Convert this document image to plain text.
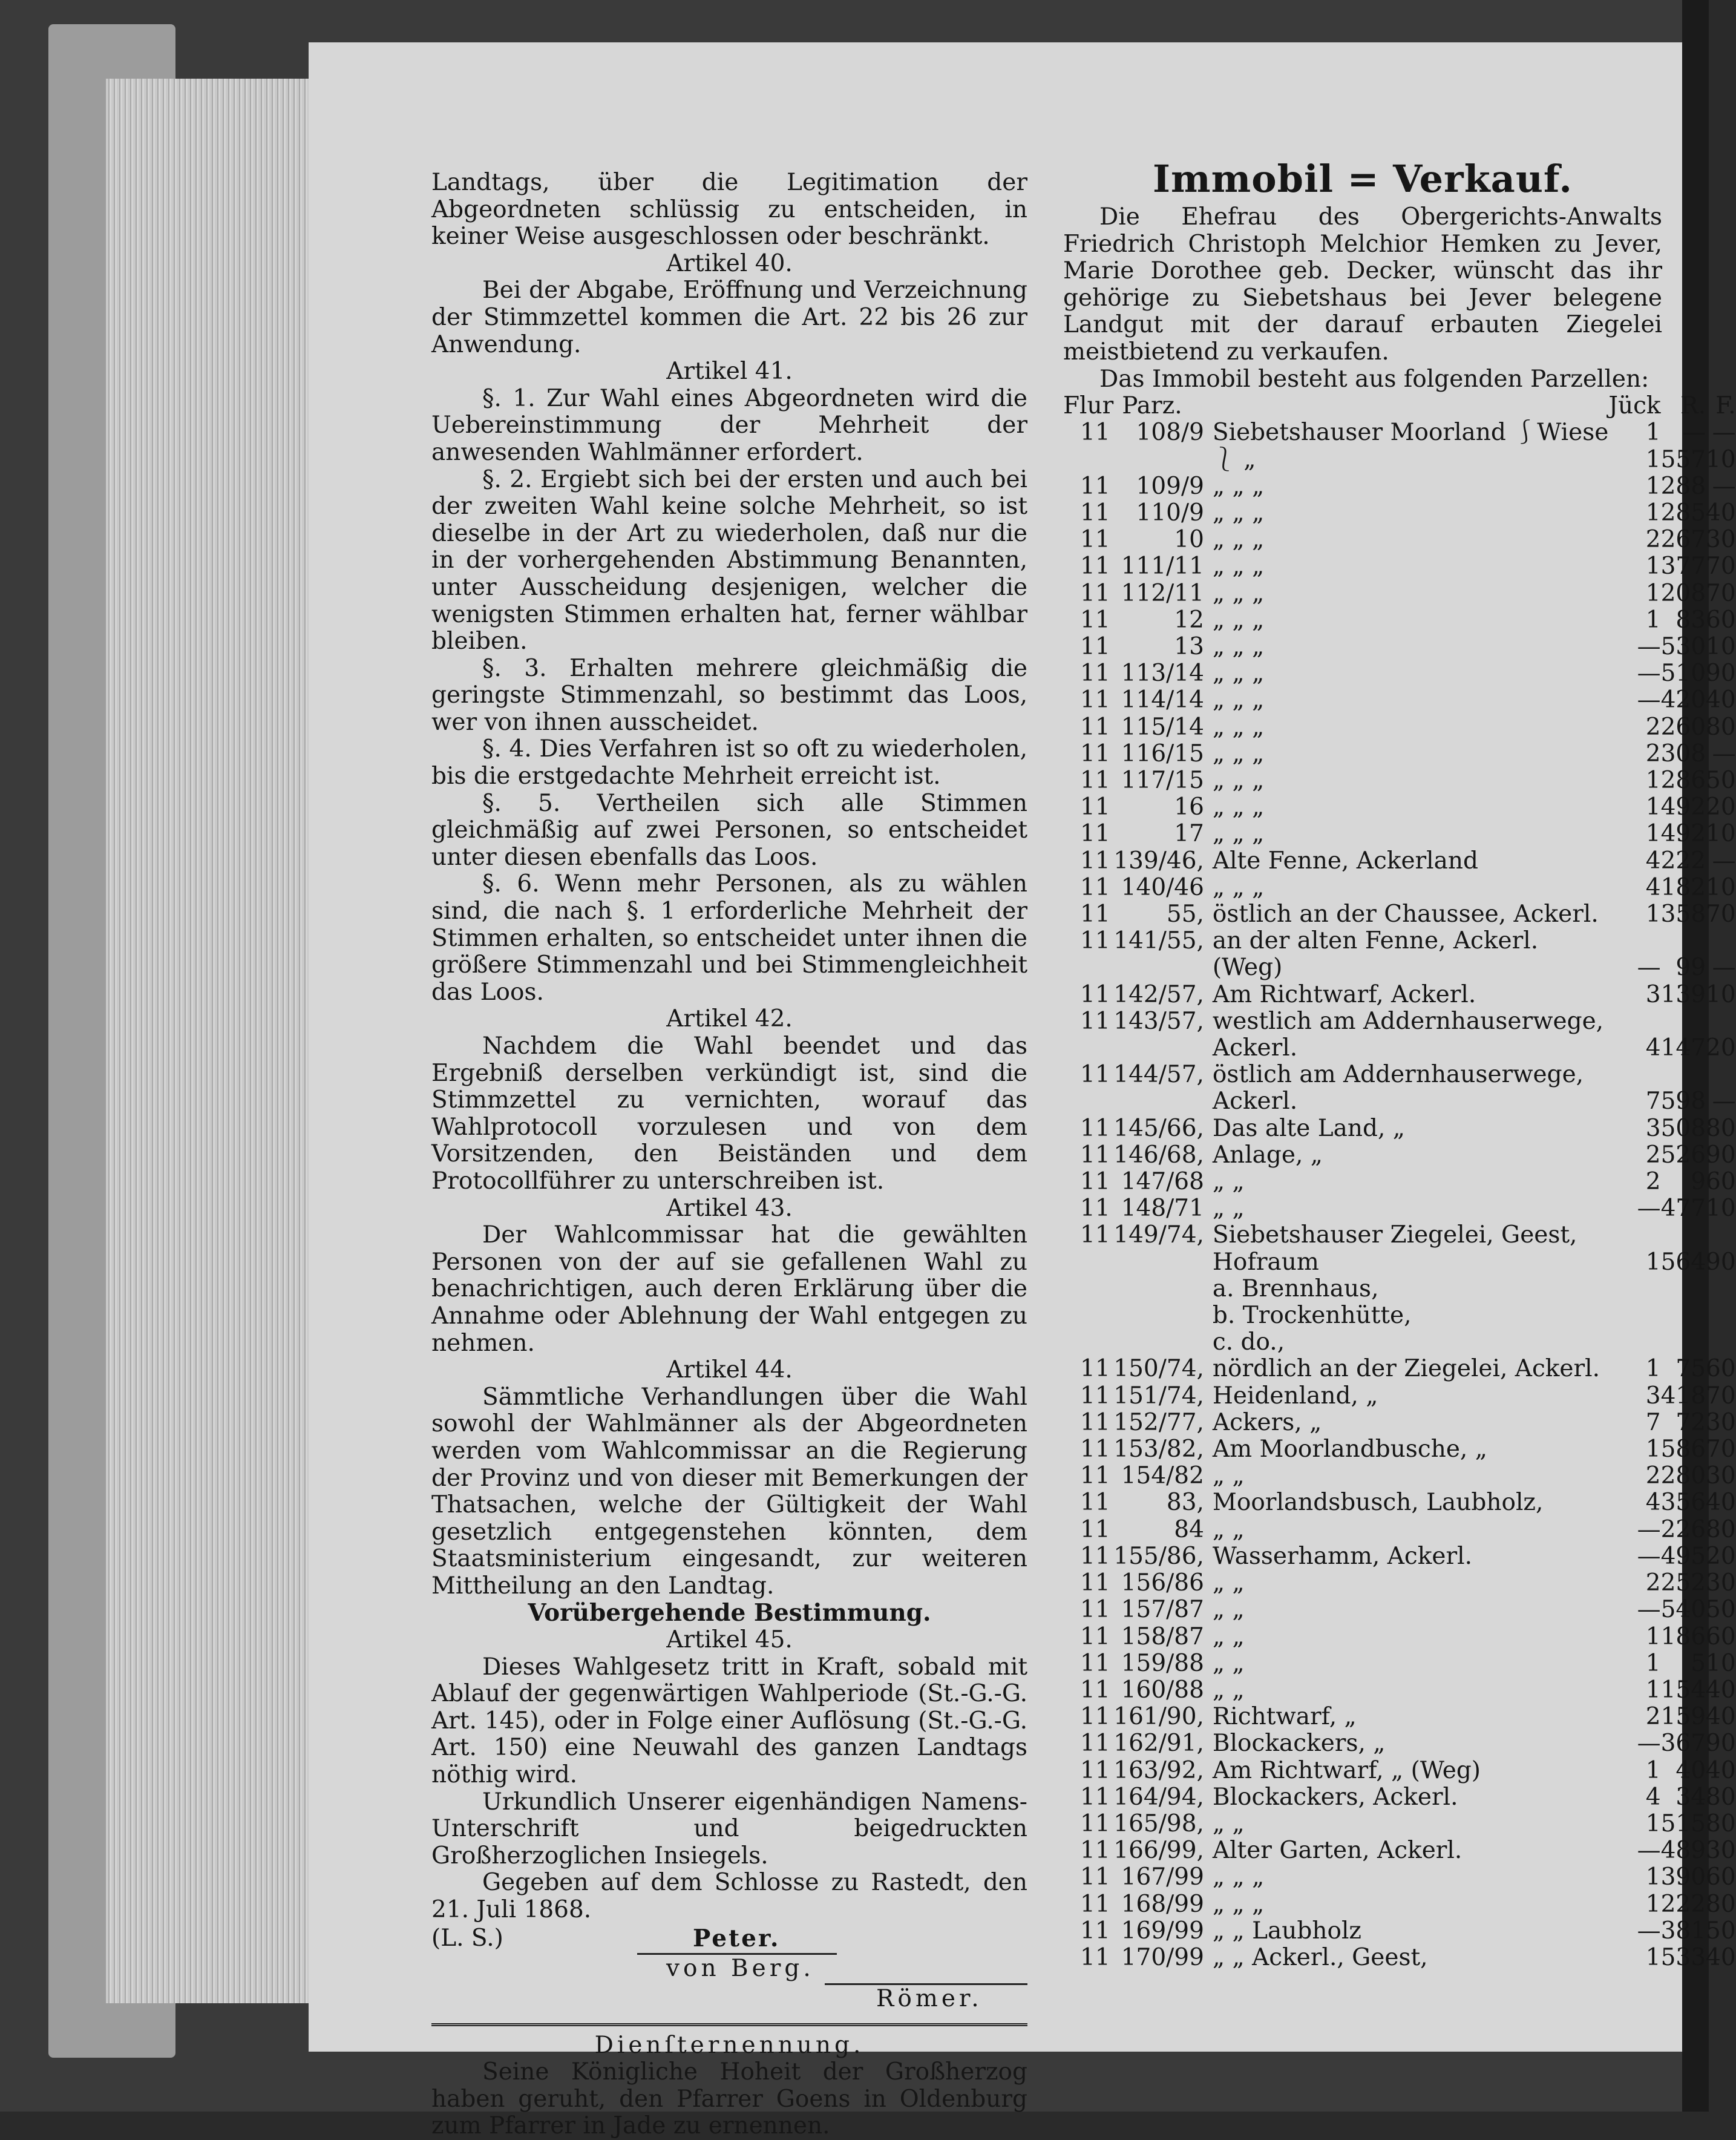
Landtags, über die Legitimation der Abgeordneten schlüssig zu entscheiden, in keiner Weise ausgeschlossen oder beschränkt.

Artikel 40.

Bei der Abgabe, Eröffnung und Verzeichnung der Stimmzettel kommen die Art. 22 bis 26 zur Anwendung.

Artikel 41.

§. 1. Zur Wahl eines Abgeordneten wird die Uebereinstimmung der Mehrheit der anwesenden Wahlmänner erfordert.

§. 2. Ergiebt sich bei der ersten und auch bei der zweiten Wahl keine solche Mehrheit, so ist dieselbe in der Art zu wiederholen, daß nur die in der vorhergehenden Abstimmung Benannten, unter Ausscheidung desjenigen, welcher die wenigsten Stimmen erhalten hat, ferner wählbar bleiben.

§. 3. Erhalten mehrere gleichmäßig die geringste Stimmenzahl, so bestimmt das Loos, wer von ihnen ausscheidet.

§. 4. Dies Verfahren ist so oft zu wiederholen, bis die erstgedachte Mehrheit erreicht ist.

§. 5. Vertheilen sich alle Stimmen gleichmäßig auf zwei Personen, so entscheidet unter diesen ebenfalls das Loos.

§. 6. Wenn mehr Personen, als zu wählen sind, die nach §. 1 erforderliche Mehrheit der Stimmen erhalten, so entscheidet unter ihnen die größere Stimmenzahl und bei Stimmengleichheit das Loos.

Artikel 42.

Nachdem die Wahl beendet und das Ergebniß derselben verkündigt ist, sind die Stimmzettel zu vernichten, worauf das Wahlprotocoll vorzulesen und von dem Vorsitzenden, den Beiständen und dem Protocollführer zu unterschreiben ist.

Artikel 43.

Der Wahlcommissar hat die gewählten Personen von der auf sie gefallenen Wahl zu benachrichtigen, auch deren Erklärung über die Annahme oder Ablehnung der Wahl entgegen zu nehmen.

Artikel 44.

Sämmtliche Verhandlungen über die Wahl sowohl der Wahlmänner als der Abgeordneten werden vom Wahlcommissar an die Regierung der Provinz und von dieser mit Bemerkungen der Thatsachen, welche der Gültigkeit der Wahl gesetzlich entgegenstehen könnten, dem Staatsministerium eingesandt, zur weiteren Mittheilung an den Landtag.

Vorübergehende Bestimmung.

Artikel 45.

Dieses Wahlgesetz tritt in Kraft, sobald mit Ablauf der gegenwärtigen Wahlperiode (St.-G.-G. Art. 145), oder in Folge einer Auflösung (St.-G.-G. Art. 150) eine Neuwahl des ganzen Landtags nöthig wird.

Urkundlich Unserer eigenhändigen Namens-Unterschrift und beigedruckten Großherzoglichen Insiegels.

Gegeben auf dem Schlosse zu Rastedt, den 21. Juli 1868.

(L. S.)	Peter.
von Berg.
Römer.

Dienſternennung.

Seine Königliche Hoheit der Großherzog haben geruht, den Pfarrer Goens in Oldenburg zum Pfarrer in Jade zu ernennen.

Immobil = Verkauf.

Die Ehefrau des Obergerichts-Anwalts Friedrich Christoph Melchior Hemken zu Jever, Marie Dorothee geb. Decker, wünscht das ihr gehörige zu Siebetshaus bei Jever belegene Landgut mit der darauf erbauten Ziegelei meistbietend zu verkaufen.

Das Immobil besteht aus folgenden Parzellen:

Flur	Parz.		Jück	R.	F.
11	108/9	Siebetshauser Moorland ⎰Wiese	1	—	—
		⎱ „	1	557	10
11	109/9	„ „ „	1	288	—
11	110/9	„ „ „	1	285	40
11	10	„ „ „	2	267	30
11	111/11	„ „ „	1	377	70
11	112/11	„ „ „	1	208	70
11	12	„ „ „	1	83	60
11	13	„ „ „	—	530	10
11	113/14	„ „ „	—	510	90
11	114/14	„ „ „	—	420	40
11	115/14	„ „ „	2	260	80
11	116/15	„ „ „	2	308	—
11	117/15	„ „ „	1	286	50
11	16	„ „ „	1	492	20
11	17	„ „ „	1	492	10
11	139/46,	Alte Fenne, Ackerland	4	222	—
11	140/46	„ „ „	4	182	10
11	55,	östlich an der Chaussee, Ackerl.	1	358	70
11	141/55,	an der alten Fenne, Ackerl.			
		(Weg)	—	99	—
11	142/57,	Am Richtwarf, Ackerl.	3	139	10
11	143/57,	westlich am Addernhauserwege,			
		Ackerl.	4	147	20
11	144/57,	östlich am Addernhauserwege,			
		Ackerl.	7	598	—
11	145/66,	Das alte Land, „	3	508	80
11	146/68,	Anlage, „	2	526	90
11	147/68	„ „	2	9	60
11	148/71	„ „	—	477	10
11	149/74,	Siebetshauser Ziegelei, Geest,			
		Hofraum	1	564	90
		a. Brennhaus,			
		b. Trockenhütte,			
		c. do.,			
11	150/74,	nördlich an der Ziegelei, Ackerl.	1	75	60
11	151/74,	Heidenland, „	3	418	70
11	152/77,	Ackers, „	7	72	30
11	153/82,	Am Moorlandbusche, „	1	586	70
11	154/82	„ „	2	280	30
11	83,	Moorlandsbusch, Laubholz,	4	356	40
11	84	„ „	—	226	80
11	155/86,	Wasserhamm, Ackerl.	—	495	20
11	156/86	„ „	2	252	30
11	157/87	„ „	—	540	50
11	158/87	„ „	1	186	60
11	159/88	„ „	1	5	10
11	160/88	„ „	1	154	40
11	161/90,	Richtwarf, „	2	159	40
11	162/91,	Blockackers, „	—	367	90
11	163/92,	Am Richtwarf, „ (Weg)	1	40	40
11	164/94,	Blockackers, Ackerl.	4	34	80
11	165/98,	„ „	1	515	80
11	166/99,	Alter Garten, Ackerl.	—	489	30
11	167/99	„ „ „	1	390	60
11	168/99	„ „ „	1	222	80
11	169/99	„ „ Laubholz	—	381	50
11	170/99	„ „ Ackerl., Geest,	1	533	40
